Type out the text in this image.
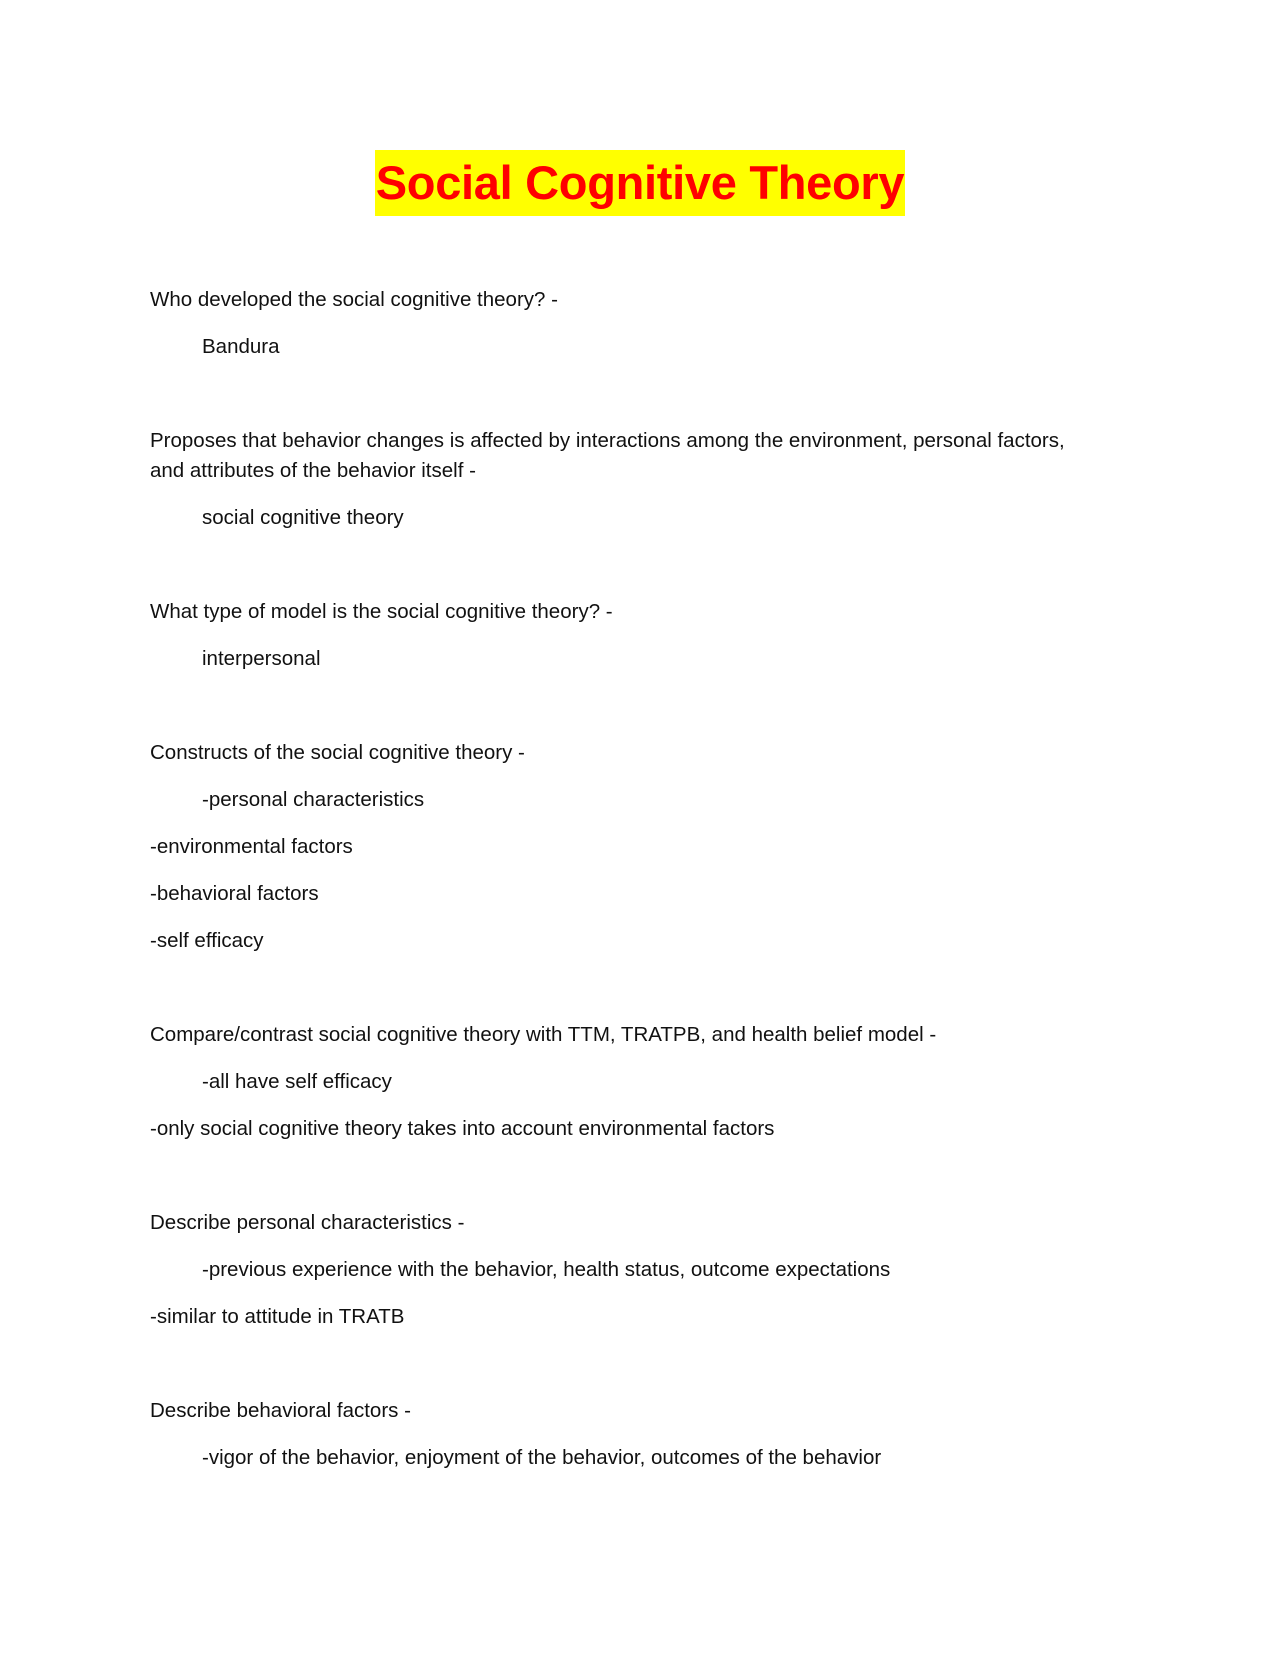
Social Cognitive Theory
Who developed the social cognitive theory? -
Bandura
Proposes that behavior changes is affected by interactions among the environment, personal factors,
and attributes of the behavior itself -
social cognitive theory
What type of model is the social cognitive theory? -
interpersonal
Constructs of the social cognitive theory -
-personal characteristics
-environmental factors
-behavioral factors
-self efficacy
Compare/contrast social cognitive theory with TTM, TRATPB, and health belief model -
-all have self efficacy
-only social cognitive theory takes into account environmental factors
Describe personal characteristics -
-previous experience with the behavior, health status, outcome expectations
-similar to attitude in TRATB
Describe behavioral factors -
-vigor of the behavior, enjoyment of the behavior, outcomes of the behavior
